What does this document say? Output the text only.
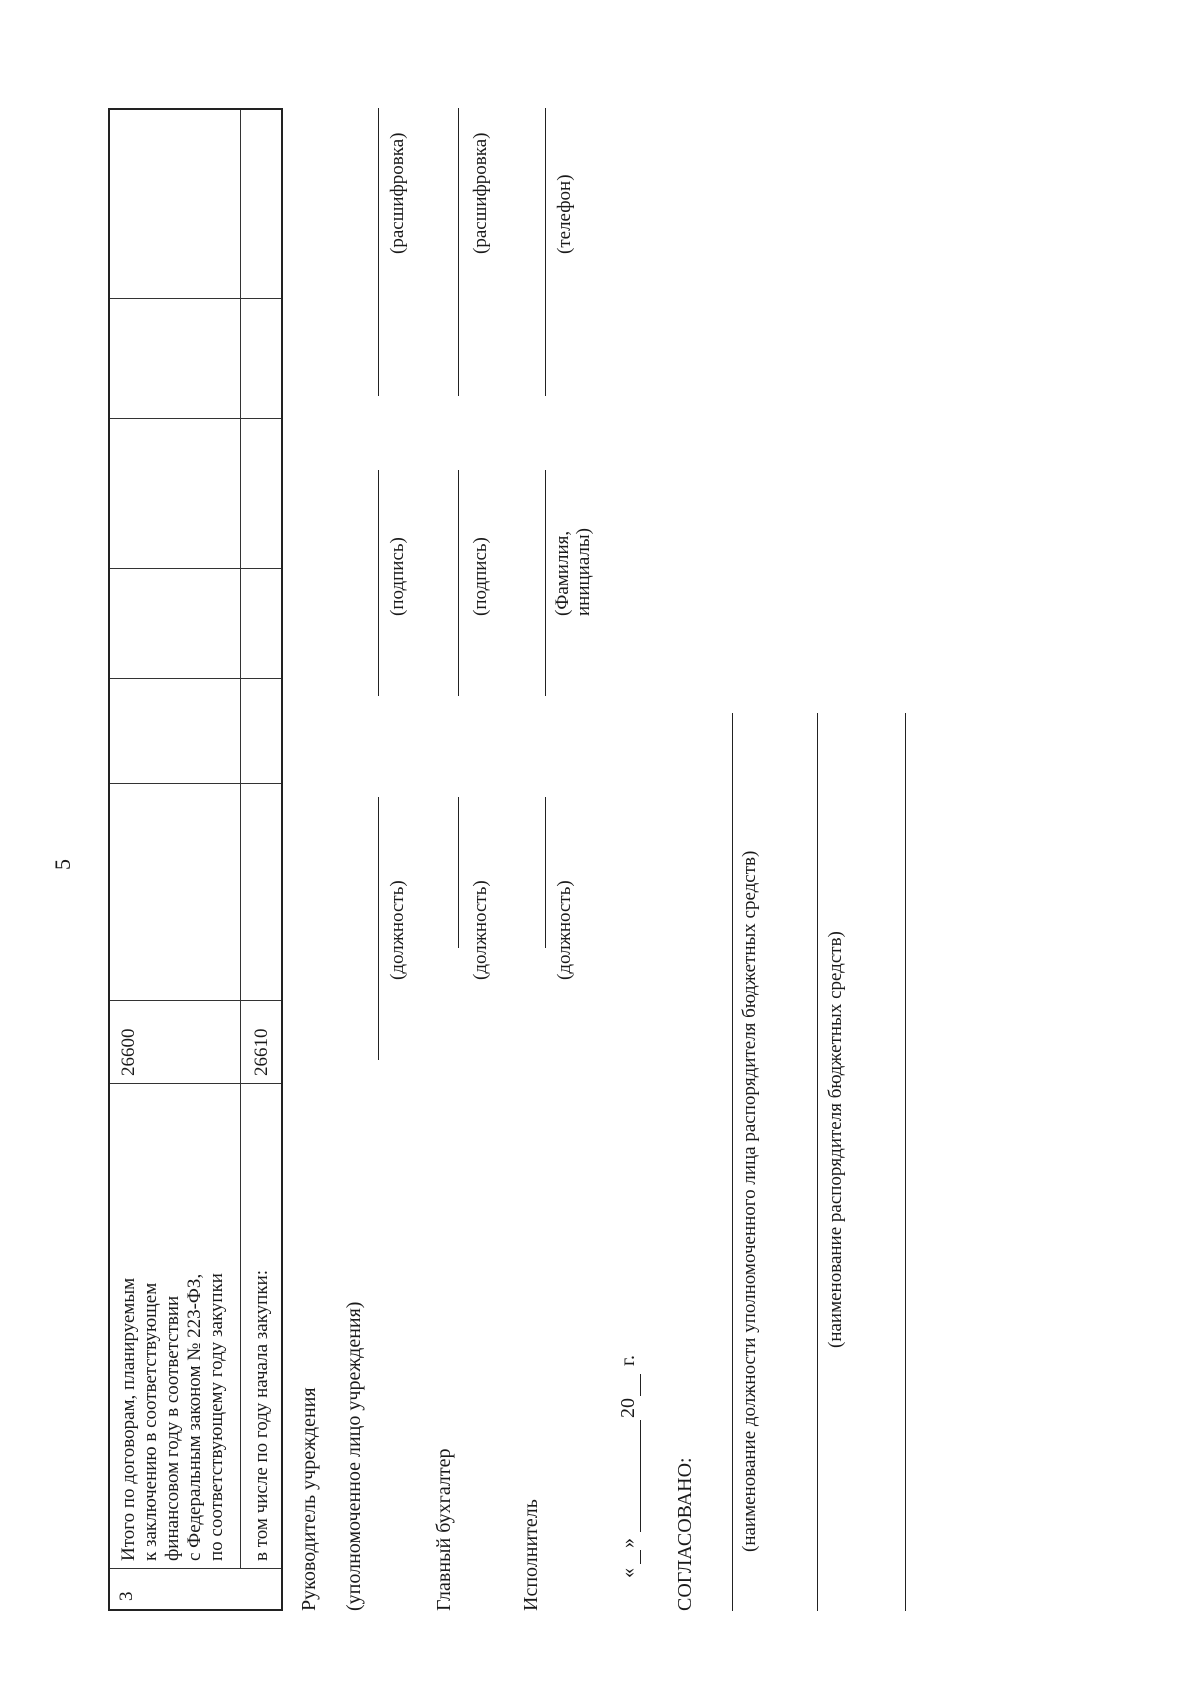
5
3
Итого по договорам, планируемым к заключению в соответствующем финансовом году в соответствии с Федеральным законом № 223-ФЗ, по соответствующему году закупки
26600
в том числе по году начала закупки:
26610
Руководитель учреждения (уполномоченное лицо учреждения)
(должность)
(подпись)
(расшифровка)
Главный бухгалтер
(должность)
(подпись)
(расшифровка)
Исполнитель
(должность)
(Фамилия, инициалы)
(телефон)
«
»
20
г.
СОГЛАСОВАНО: (наименование должности уполномоченного лица распорядителя бюджетных средств)	(наименование распорядителя бюджетных средств)
